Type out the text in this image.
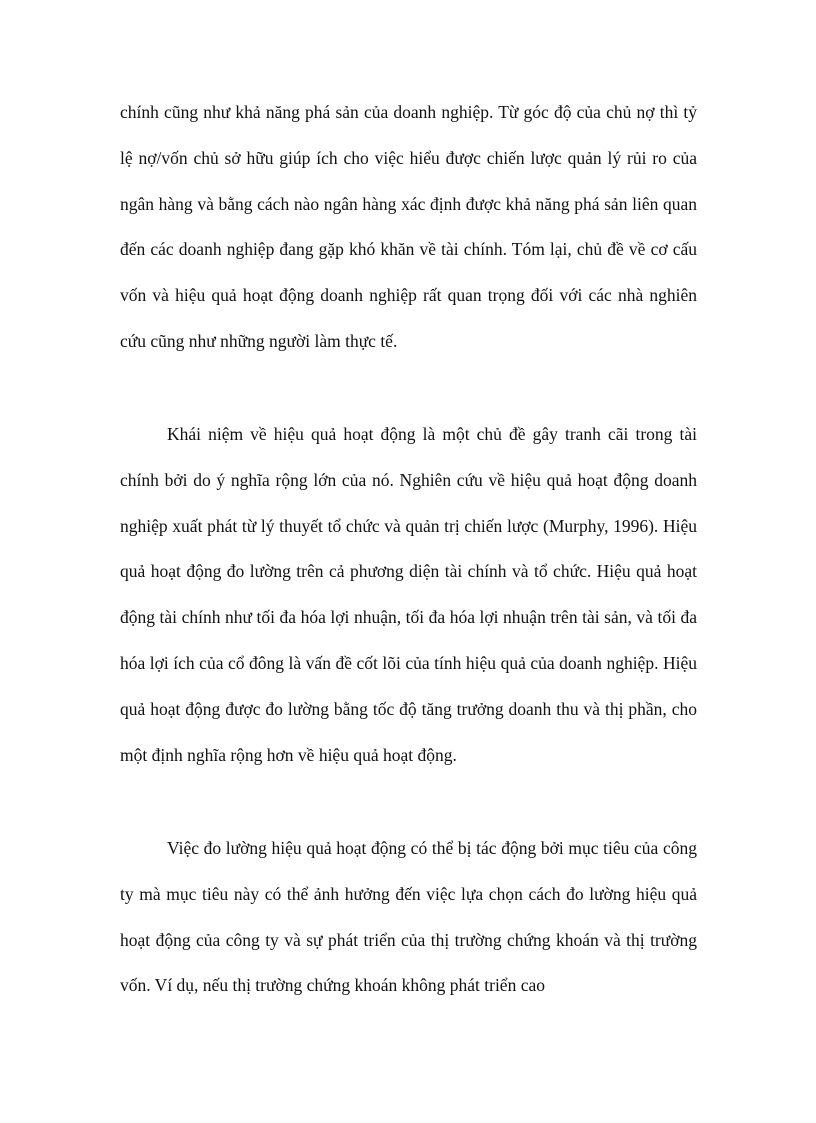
chính cũng như khả năng phá sản của doanh nghiệp. Từ góc độ của chủ nợ thì tỷ lệ nợ/vốn chủ sở hữu giúp ích cho việc hiểu được chiến lược quản lý rủi ro của ngân hàng và bằng cách nào ngân hàng xác định được khả năng phá sản liên quan đến các doanh nghiệp đang gặp khó khăn về tài chính. Tóm lại, chủ đề về cơ cấu vốn và hiệu quả hoạt động doanh nghiệp rất quan trọng đối với các nhà nghiên cứu cũng như những người làm thực tế.

Khái niệm về hiệu quả hoạt động là một chủ đề gây tranh cãi trong tài chính bởi do ý nghĩa rộng lớn của nó. Nghiên cứu về hiệu quả hoạt động doanh nghiệp xuất phát từ lý thuyết tổ chức và quản trị chiến lược (Murphy, 1996). Hiệu quả hoạt động đo lường trên cả phương diện tài chính và tổ chức. Hiệu quả hoạt động tài chính như tối đa hóa lợi nhuận, tối đa hóa lợi nhuận trên tài sản, và tối đa hóa lợi ích của cổ đông là vấn đề cốt lõi của tính hiệu quả của doanh nghiệp. Hiệu quả hoạt động được đo lường bằng tốc độ tăng trưởng doanh thu và thị phần, cho một định nghĩa rộng hơn về hiệu quả hoạt động.

Việc đo lường hiệu quả hoạt động có thể bị tác động bởi mục tiêu của công ty mà mục tiêu này có thể ảnh hưởng đến việc lựa chọn cách đo lường hiệu quả hoạt động của công ty và sự phát triển của thị trường chứng khoán và thị trường vốn. Ví dụ, nếu thị trường chứng khoán không phát triển cao
